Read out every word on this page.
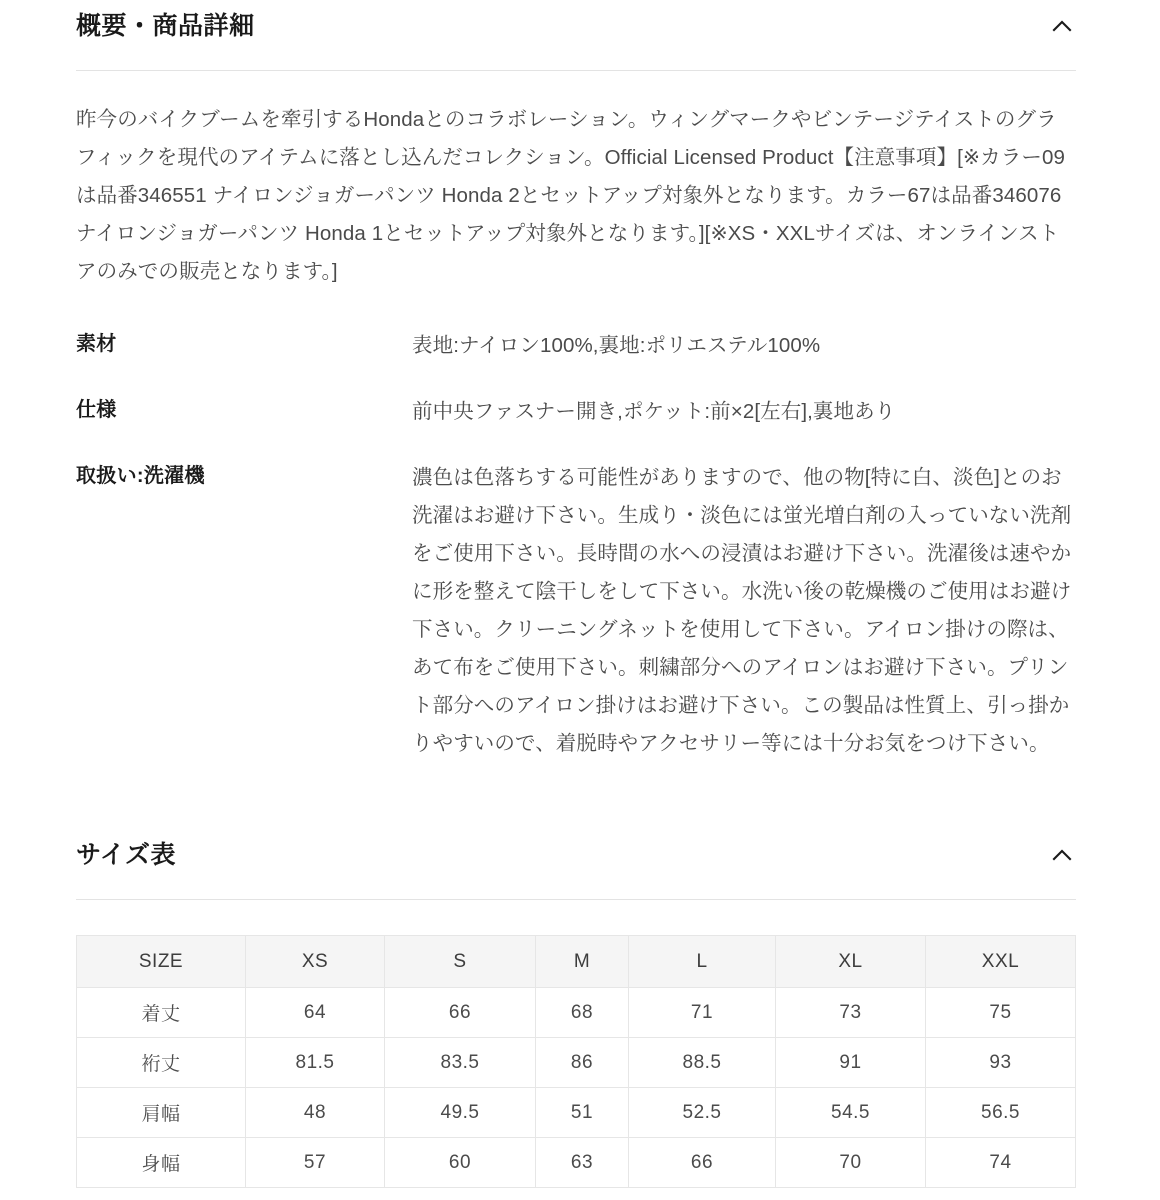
概要・商品詳細

昨今のバイクブームを牽引するHondaとのコラボレーション。ウィングマークやビンテージテイストのグラフィックを現代のアイテムに落とし込んだコレクション。Official Licensed Product【注意事項】[※カラー09は品番346551 ナイロンジョガーパンツ Honda 2とセットアップ対象外となります。カラー67は品番346076 ナイロンジョガーパンツ Honda 1とセットアップ対象外となります。][※XS・XXLサイズは、オンラインストアのみでの販売となります。]

素材	表地:ナイロン100%,裏地:ポリエステル100%
仕様	前中央ファスナー開き,ポケット:前×2[左右],裏地あり
取扱い:洗濯機	濃色は色落ちする可能性がありますので、他の物[特に白、淡色]とのお洗濯はお避け下さい。生成り・淡色には蛍光増白剤の入っていない洗剤をご使用下さい。長時間の水への浸漬はお避け下さい。洗濯後は速やかに形を整えて陰干しをして下さい。水洗い後の乾燥機のご使用はお避け下さい。クリーニングネットを使用して下さい。アイロン掛けの際は、あて布をご使用下さい。刺繍部分へのアイロンはお避け下さい。プリント部分へのアイロン掛けはお避け下さい。この製品は性質上、引っ掛かりやすいので、着脱時やアクセサリー等には十分お気をつけ下さい。
サイズ表
SIZE	XS	S	M	L	XL	XXL
着丈	64	66	68	71	73	75
裄丈	81.5	83.5	86	88.5	91	93
肩幅	48	49.5	51	52.5	54.5	56.5
身幅	57	60	63	66	70	74
